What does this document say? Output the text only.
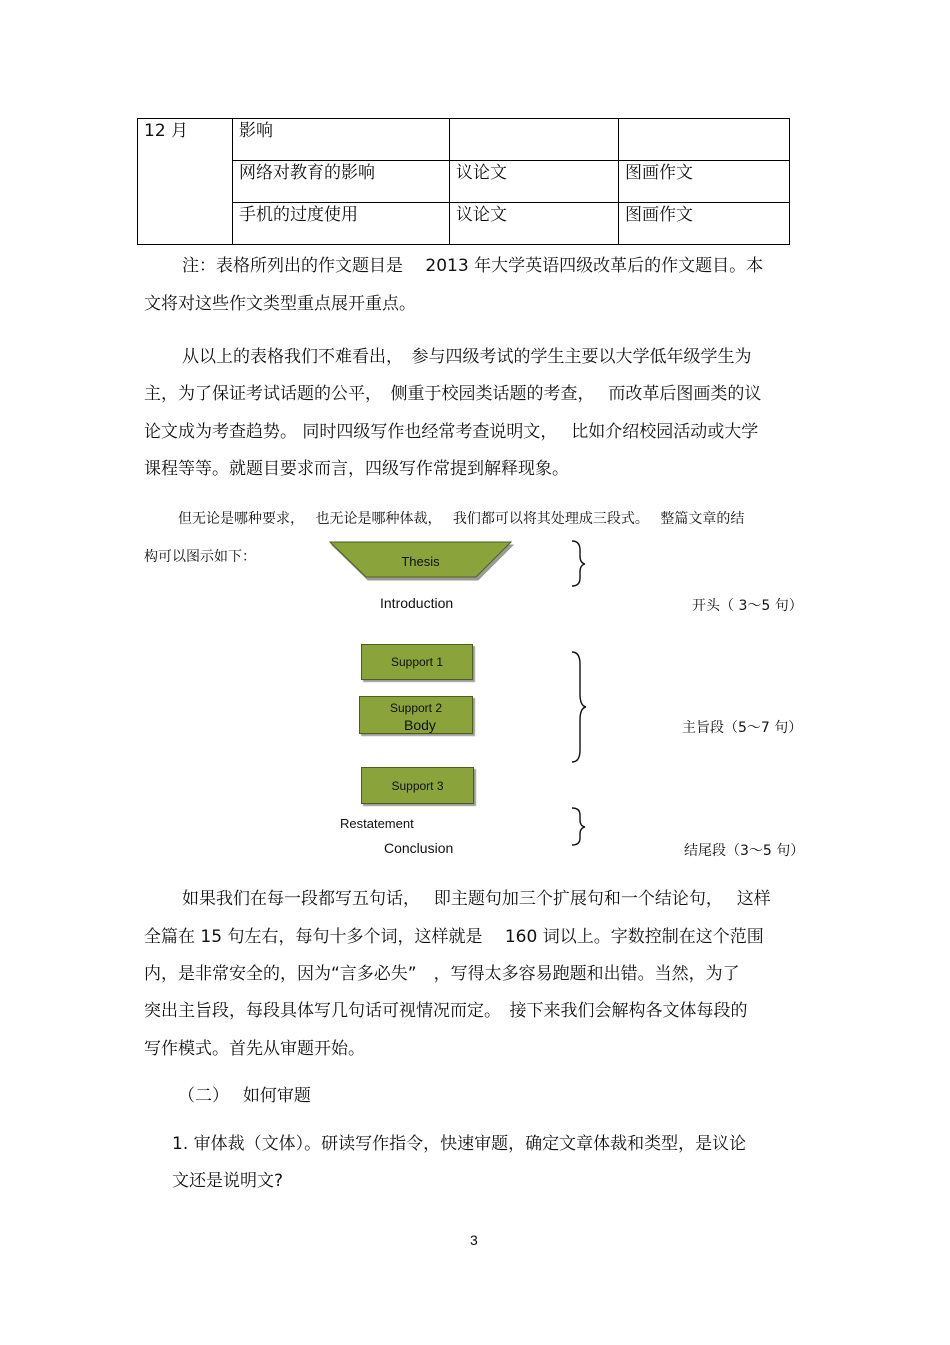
12 月	影响		
	网络对教育的影响	议论文	图画作文
	手机的过度使用	议论文	图画作文
注：表格所列出的作文题目是　 2013 年大学英语四级改革后的作文题目。本
文将对这些作文类型重点展开重点。
从以上的表格我们不难看出，　参与四级考试的学生主要以大学低年级学生为
主，为了保证考试话题的公平，　侧重于校园类话题的考查，　 而改革后图画类的议
论文成为考查趋势。 同时四级写作也经常考查说明文，　 比如介绍校园活动或大学
课程等等。就题目要求而言，四级写作常提到解释现象。
但无论是哪种要求，　 也无论是哪种体裁，　 我们都可以将其处理成三段式。　 整篇文章的结
构可以图示如下：	Thesis
Introduction	开头（ 3～5 句）
Support 1
Support 2
Body	主旨段（5～7 句）
Support 3
Restatement
Conclusion	结尾段（3～5 句）
如果我们在每一段都写五句话，　 即主题句加三个扩展句和一个结论句，　 这样
全篇在 15 句左右，每句十多个词，这样就是　 160 词以上。字数控制在这个范围
内，是非常安全的，因为“言多必失”　，写得太多容易跑题和出错。当然，为了
突出主旨段，每段具体写几句话可视情况而定。　接下来我们会解构各文体每段的
写作模式。首先从审题开始。
（二）　 如何审题
1. 审体裁（文体）。研读写作指令，快速审题，确定文章体裁和类型，是议论
文还是说明文?
3
